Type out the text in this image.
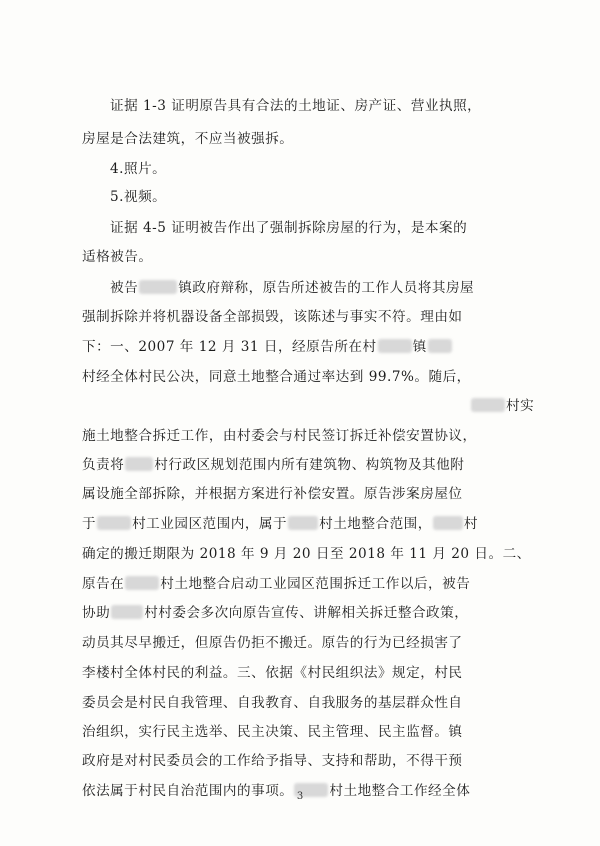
证据 1-3 证明原告具有合法的土地证、房产证、营业执照，
房屋是合法建筑，不应当被强拆。
4.照片。
5.视频。
证据 4-5 证明被告作出了强制拆除房屋的行为，是本案的
适格被告。
被告	镇政府辩称，原告所述被告的工作人员将其房屋
强制拆除并将机器设备全部损毁，该陈述与事实不符。理由如
下：一、2007 年 12 月 31 日，经原告所在村	镇
村经全体村民公决，同意土地整合通过率达到 99.7%。随后，
村实
施土地整合拆迁工作，由村委会与村民签订拆迁补偿安置协议，
负责将 村行政区规划范围内所有建筑物、构筑物及其他附
属设施全部拆除，并根据方案进行补偿安置。原告涉案房屋位
于	村工业园区范围内，属于 村土地整合范围， 村
确定的搬迁期限为 2018 年 9 月 20 日至 2018 年 11 月 20 日。二、
原告在	村土地整合启动工业园区范围拆迁工作以后，被告
协助	村村委会多次向原告宣传、讲解相关拆迁整合政策，
动员其尽早搬迁，但原告仍拒不搬迁。原告的行为已经损害了
李楼村全体村民的利益。三、依据《村民组织法》规定，村民
委员会是村民自我管理、自我教育、自我服务的基层群众性自
治组织，实行民主选举、民主决策、民主管理、民主监督。镇
政府是对村民委员会的工作给予指导、支持和帮助，不得干预
依法属于村民自治范围内的事项。	村土地整合工作经全体
3
